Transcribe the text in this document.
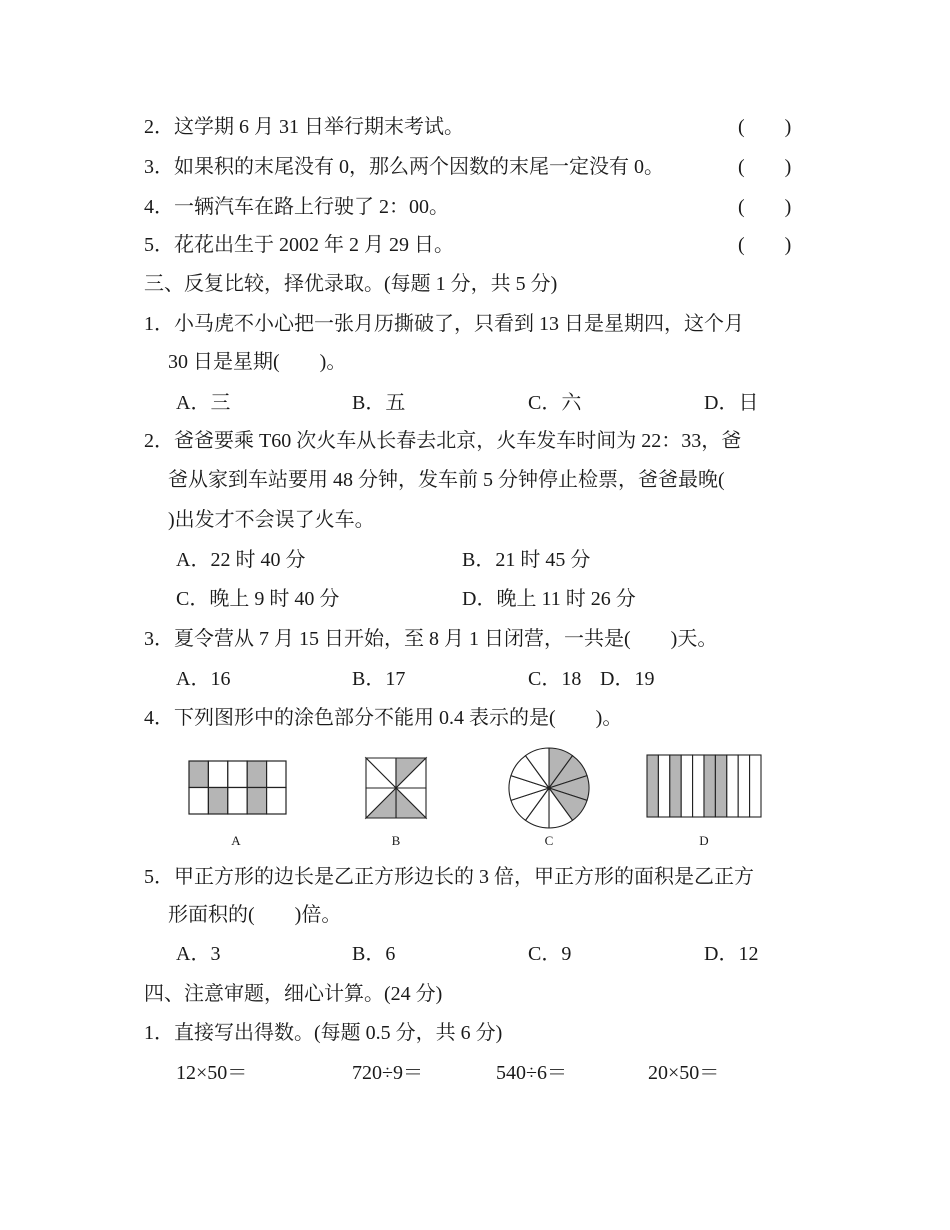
2．这学期 6 月 31 日举行期末考试。	(　　)
3．如果积的末尾没有 0，那么两个因数的末尾一定没有 0。	(　　)
4．一辆汽车在路上行驶了 2：00。	(　　)
5．花花出生于 2002 年 2 月 29 日。	(　　)
三、反复比较，择优录取。(每题 1 分，共 5 分)
1．小马虎不小心把一张月历撕破了，只看到 13 日是星期四，这个月
30 日是星期(　　)。
A．三	B．五	C．六	D．日
2．爸爸要乘 T60 次火车从长春去北京，火车发车时间为 22：33，爸
爸从家到车站要用 48 分钟，发车前 5 分钟停止检票，爸爸最晚(
)出发才不会误了火车。
A．22 时 40 分	B．21 时 45 分
C．晚上 9 时 40 分	D．晚上 11 时 26 分
3．夏令营从 7 月 15 日开始，至 8 月 1 日闭营，一共是(　　)天。
A．16	B．17	C．18 D．19
4．下列图形中的涂色部分不能用 0.4 表示的是(　　)。
A	B	C	D
5．甲正方形的边长是乙正方形边长的 3 倍，甲正方形的面积是乙正方
形面积的(　　)倍。
A．3	B．6	C．9	D．12
四、注意审题，细心计算。(24 分)
1．直接写出得数。(每题 0.5 分，共 6 分)
12×50＝	720÷9＝	540÷6＝	20×50＝
